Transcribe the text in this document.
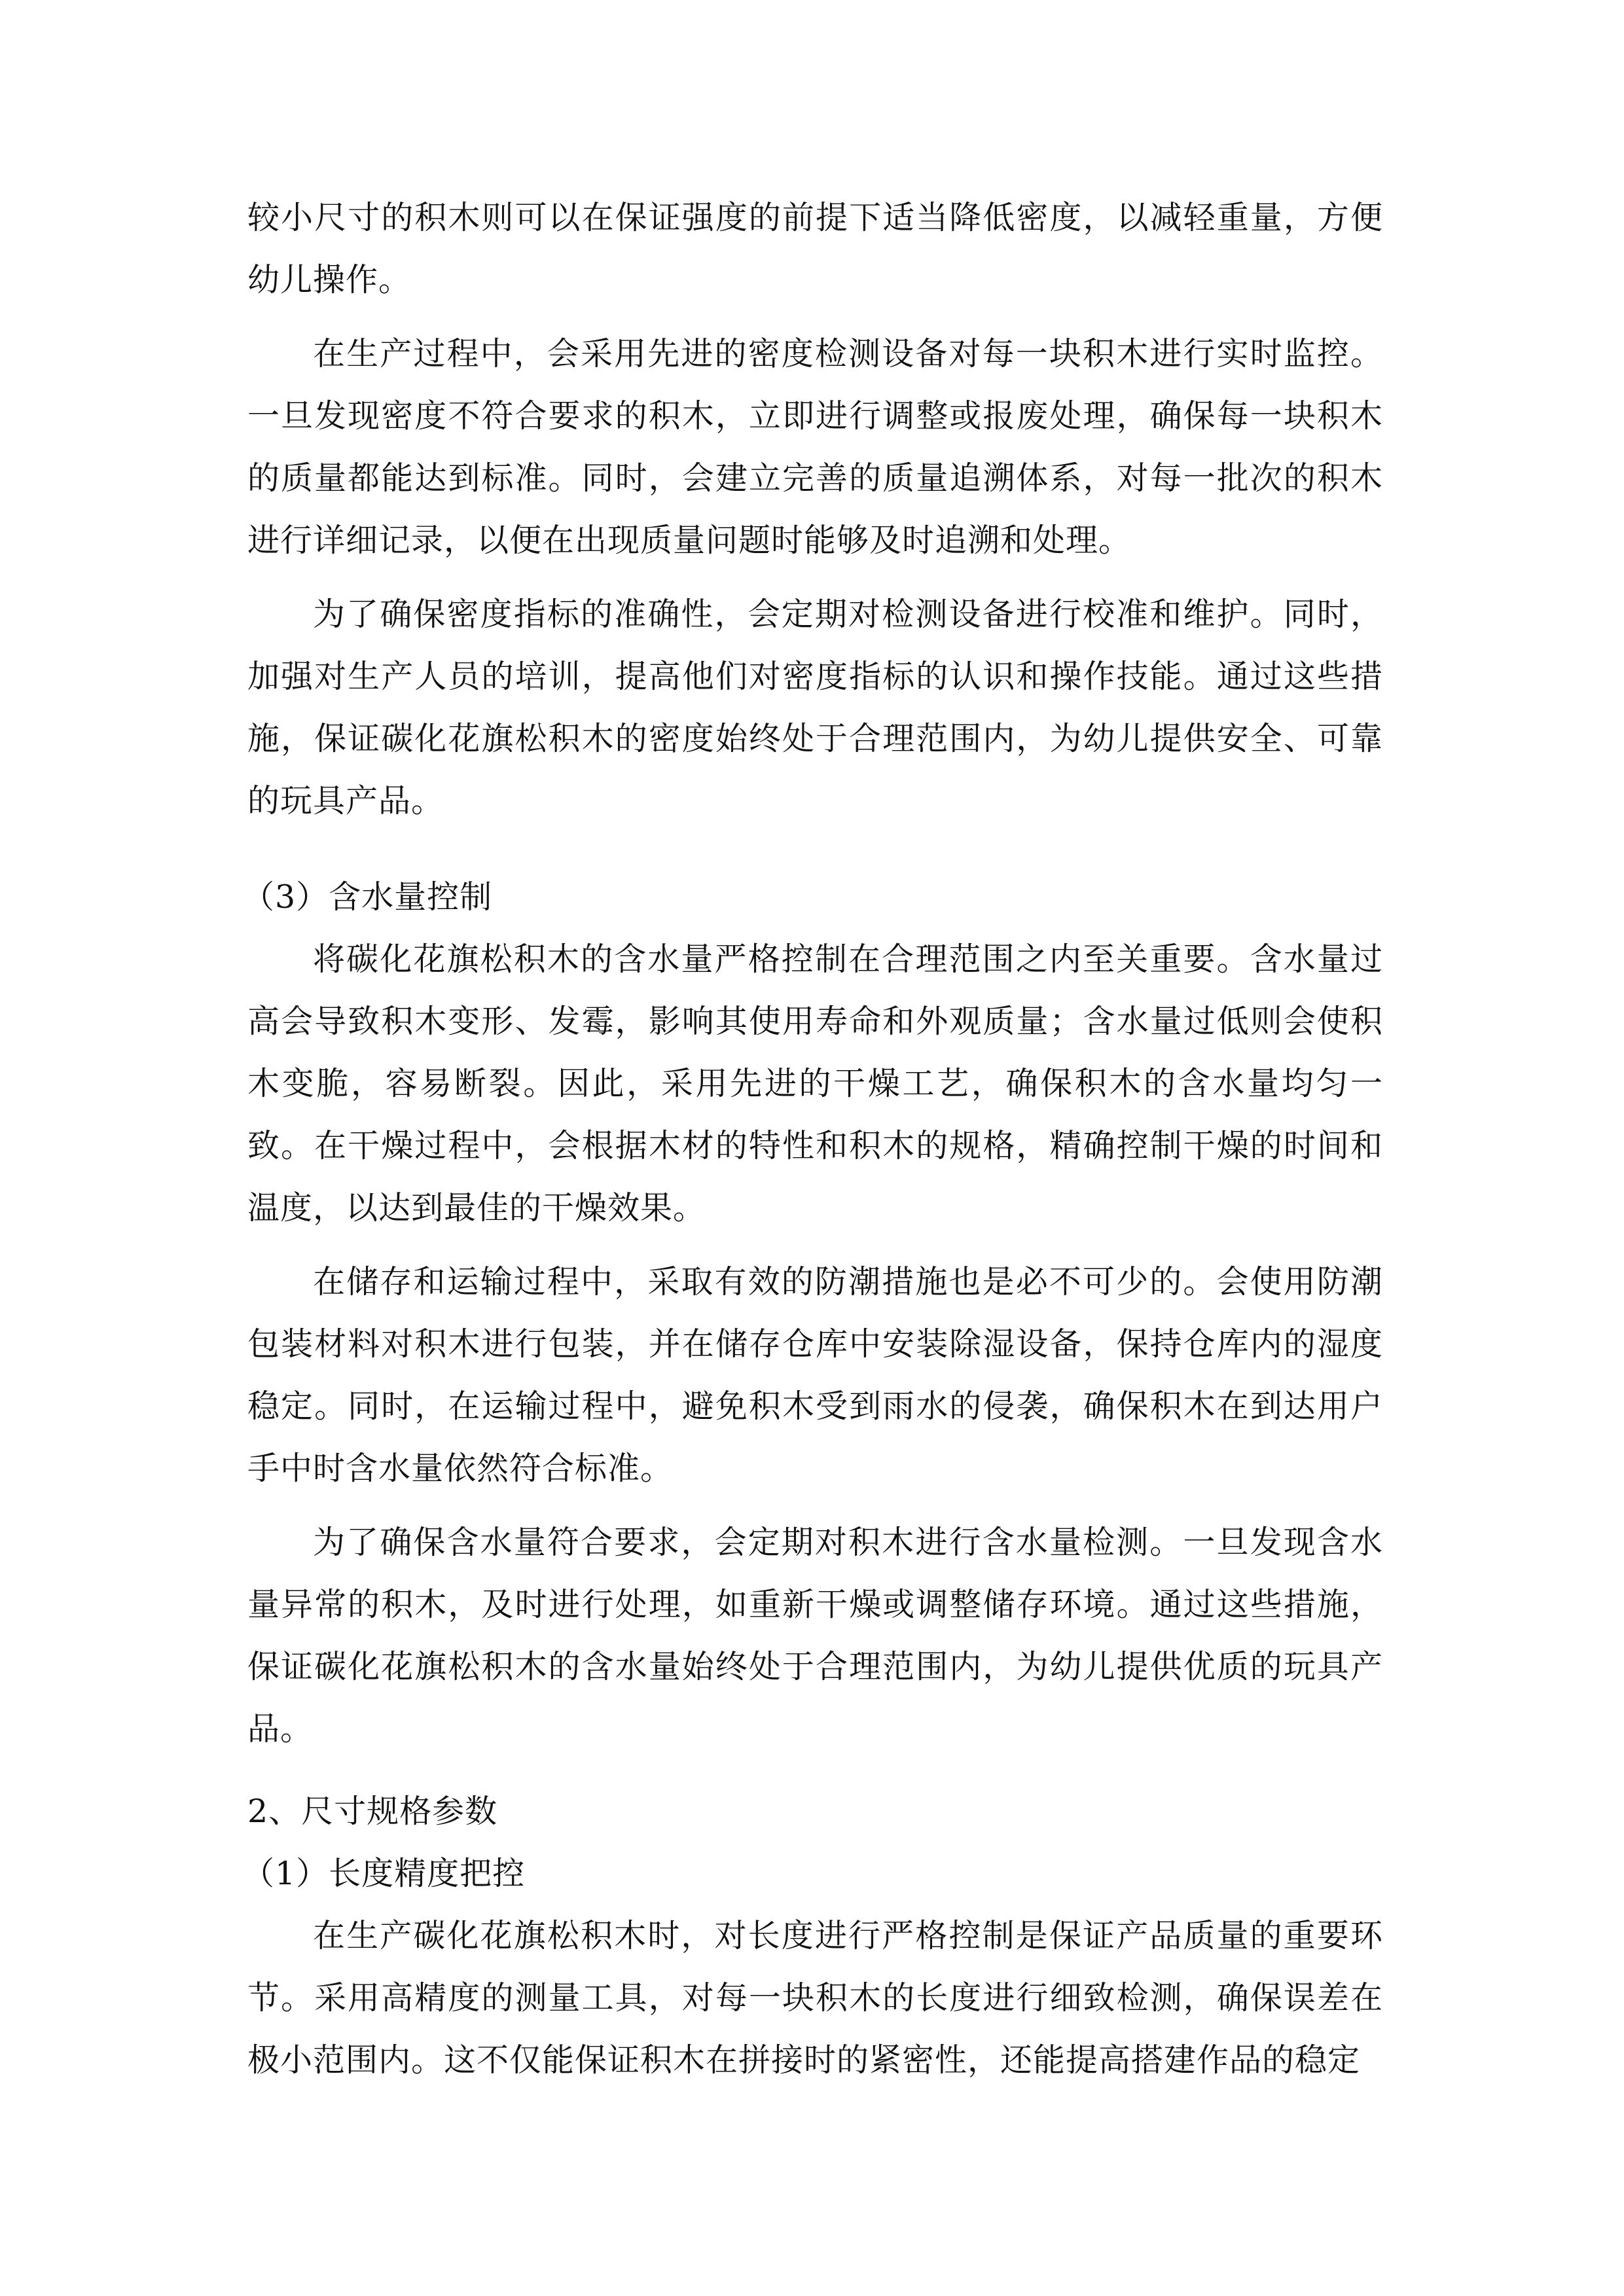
较小尺寸的积木则可以在保证强度的前提下适当降低密度，以减轻重量，方便幼儿操作。

在生产过程中，会采用先进的密度检测设备对每一块积木进行实时监控。一旦发现密度不符合要求的积木，立即进行调整或报废处理，确保每一块积木的质量都能达到标准。同时，会建立完善的质量追溯体系，对每一批次的积木进行详细记录，以便在出现质量问题时能够及时追溯和处理。

为了确保密度指标的准确性，会定期对检测设备进行校准和维护。同时，加强对生产人员的培训，提高他们对密度指标的认识和操作技能。通过这些措施，保证碳化花旗松积木的密度始终处于合理范围内，为幼儿提供安全、可靠的玩具产品。

（3）含水量控制

将碳化花旗松积木的含水量严格控制在合理范围之内至关重要。含水量过高会导致积木变形、发霉，影响其使用寿命和外观质量；含水量过低则会使积木变脆，容易断裂。因此，采用先进的干燥工艺，确保积木的含水量均匀一致。在干燥过程中，会根据木材的特性和积木的规格，精确控制干燥的时间和温度，以达到最佳的干燥效果。

在储存和运输过程中，采取有效的防潮措施也是必不可少的。会使用防潮包装材料对积木进行包装，并在储存仓库中安装除湿设备，保持仓库内的湿度稳定。同时，在运输过程中，避免积木受到雨水的侵袭，确保积木在到达用户手中时含水量依然符合标准。

为了确保含水量符合要求，会定期对积木进行含水量检测。一旦发现含水量异常的积木，及时进行处理，如重新干燥或调整储存环境。通过这些措施，保证碳化花旗松积木的含水量始终处于合理范围内，为幼儿提供优质的玩具产品。

2、尺寸规格参数

（1）长度精度把控

在生产碳化花旗松积木时，对长度进行严格控制是保证产品质量的重要环节。采用高精度的测量工具，对每一块积木的长度进行细致检测，确保误差在极小范围内。这不仅能保证积木在拼接时的紧密性，还能提高搭建作品的稳定
